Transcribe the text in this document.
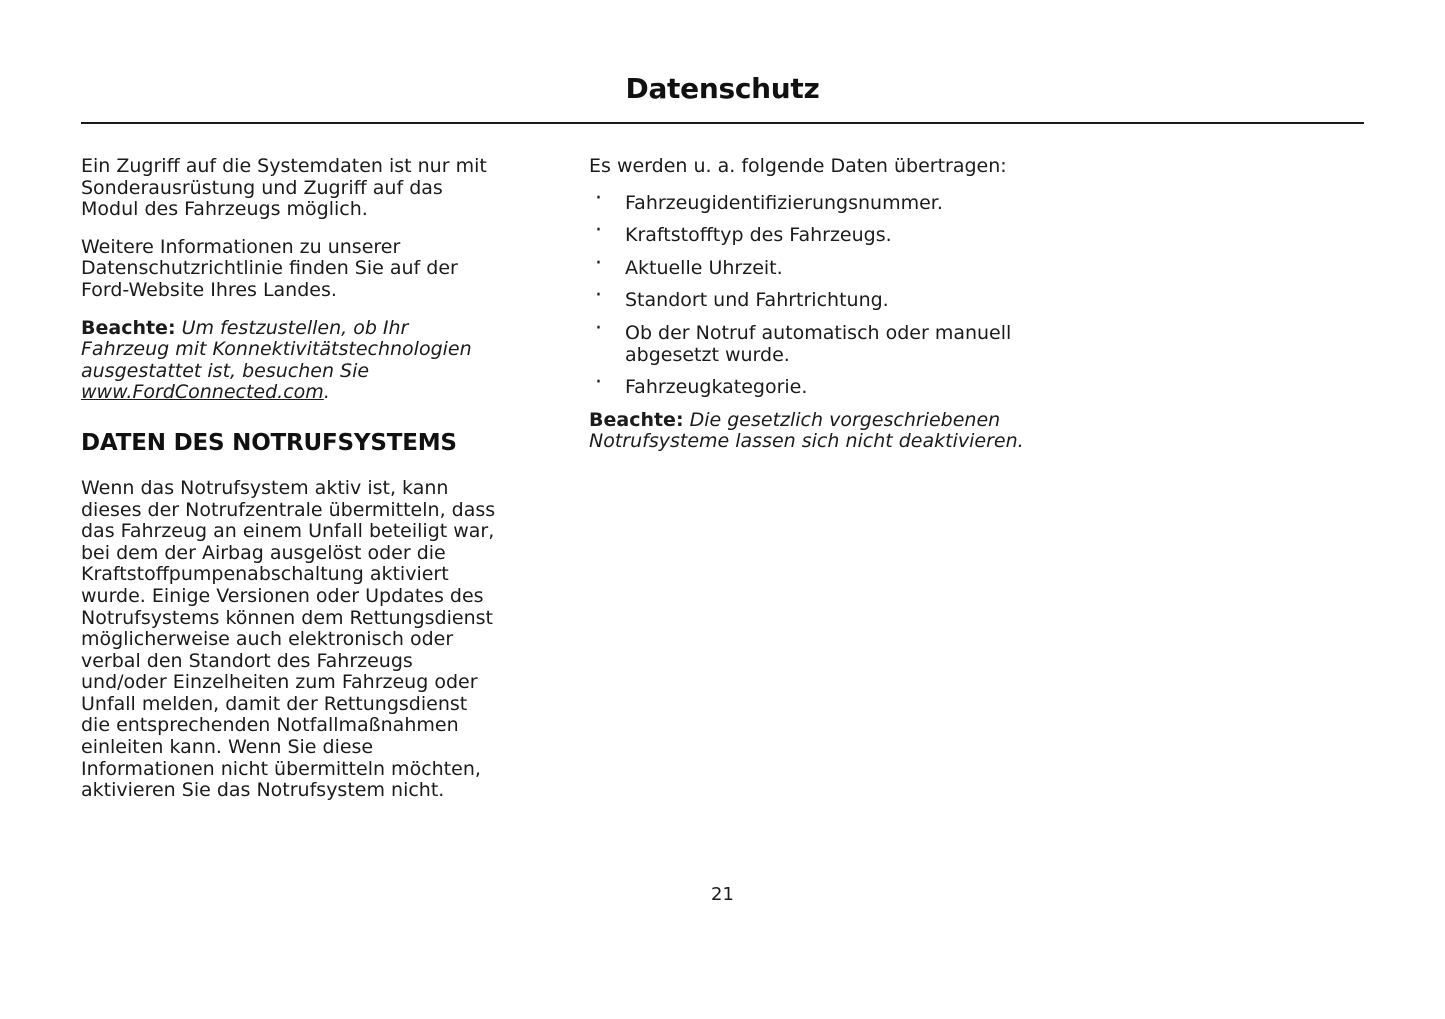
Datenschutz

Ein Zugriff auf die Systemdaten ist nur mit Sonderausrüstung und Zugriff auf das Modul des Fahrzeugs möglich.

Weitere Informationen zu unserer Datenschutzrichtlinie finden Sie auf der Ford-Website Ihres Landes.

Beachte: Um festzustellen, ob Ihr Fahrzeug mit Konnektivitätstechnologien ausgestattet ist, besuchen Sie www.FordConnected.com.

DATEN DES NOTRUFSYSTEMS

Wenn das Notrufsystem aktiv ist, kann dieses der Notrufzentrale übermitteln, dass das Fahrzeug an einem Unfall beteiligt war, bei dem der Airbag ausgelöst oder die Kraftstoffpumpenabschaltung aktiviert wurde. Einige Versionen oder Updates des Notrufsystems können dem Rettungsdienst möglicherweise auch elektronisch oder verbal den Standort des Fahrzeugs und/oder Einzelheiten zum Fahrzeug oder Unfall melden, damit der Rettungsdienst die entsprechenden Notfallmaßnahmen einleiten kann. Wenn Sie diese Informationen nicht übermitteln möchten, aktivieren Sie das Notrufsystem nicht.

Es werden u. a. folgende Daten übertragen:

· Fahrzeugidentifizierungsnummer.
· Kraftstofftyp des Fahrzeugs.
· Aktuelle Uhrzeit.
· Standort und Fahrtrichtung.
· Ob der Notruf automatisch oder manuell abgesetzt wurde.
· Fahrzeugkategorie.

Beachte: Die gesetzlich vorgeschriebenen Notrufsysteme lassen sich nicht deaktivieren.

21
